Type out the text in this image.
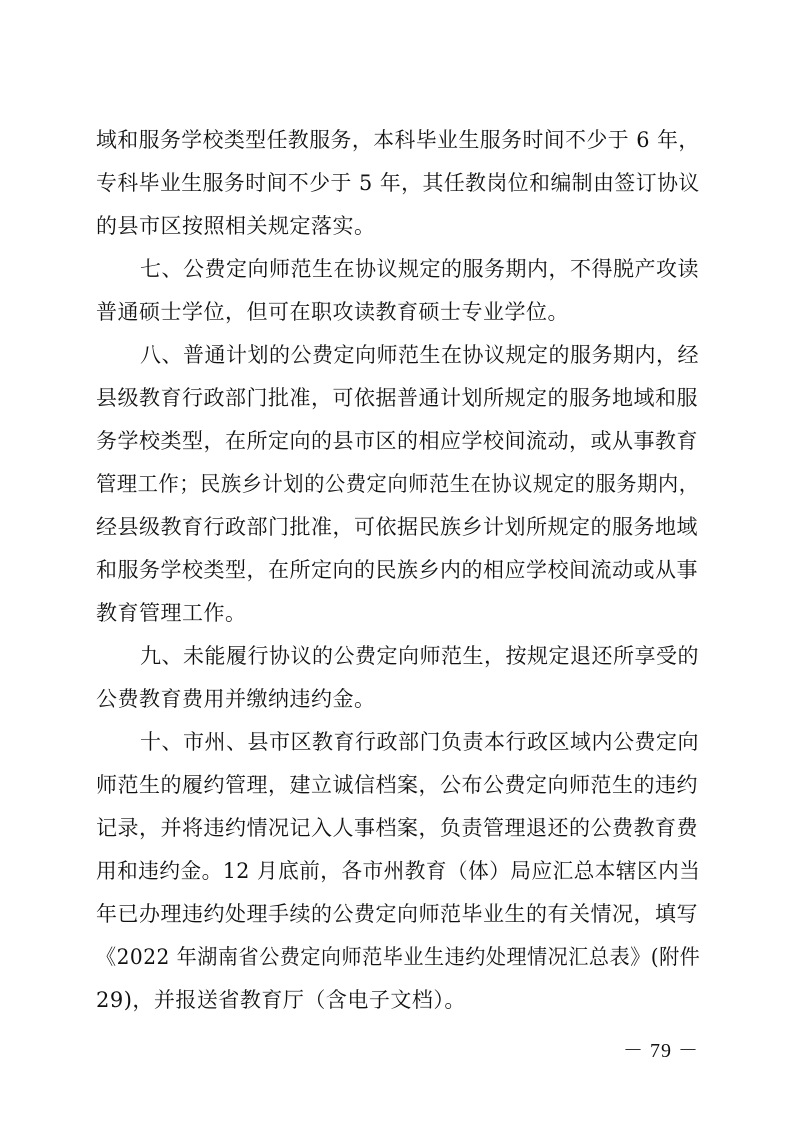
域和服务学校类型任教服务，本科毕业生服务时间不少于 6 年，

专科毕业生服务时间不少于 5 年，其任教岗位和编制由签订协议

的县市区按照相关规定落实。

七、公费定向师范生在协议规定的服务期内，不得脱产攻读

普通硕士学位，但可在职攻读教育硕士专业学位。

八、普通计划的公费定向师范生在协议规定的服务期内，经

县级教育行政部门批准，可依据普通计划所规定的服务地域和服

务学校类型，在所定向的县市区的相应学校间流动，或从事教育

管理工作；民族乡计划的公费定向师范生在协议规定的服务期内，

经县级教育行政部门批准，可依据民族乡计划所规定的服务地域

和服务学校类型，在所定向的民族乡内的相应学校间流动或从事

教育管理工作。

九、未能履行协议的公费定向师范生，按规定退还所享受的

公费教育费用并缴纳违约金。

十、市州、县市区教育行政部门负责本行政区域内公费定向

师范生的履约管理，建立诚信档案，公布公费定向师范生的违约

记录，并将违约情况记入人事档案，负责管理退还的公费教育费

用和违约金。12 月底前，各市州教育（体）局应汇总本辖区内当

年已办理违约处理手续的公费定向师范毕业生的有关情况，填写

《2022 年湖南省公费定向师范毕业生违约处理情况汇总表》(附件

29)，并报送省教育厅（含电子文档）。

－ 79 －
